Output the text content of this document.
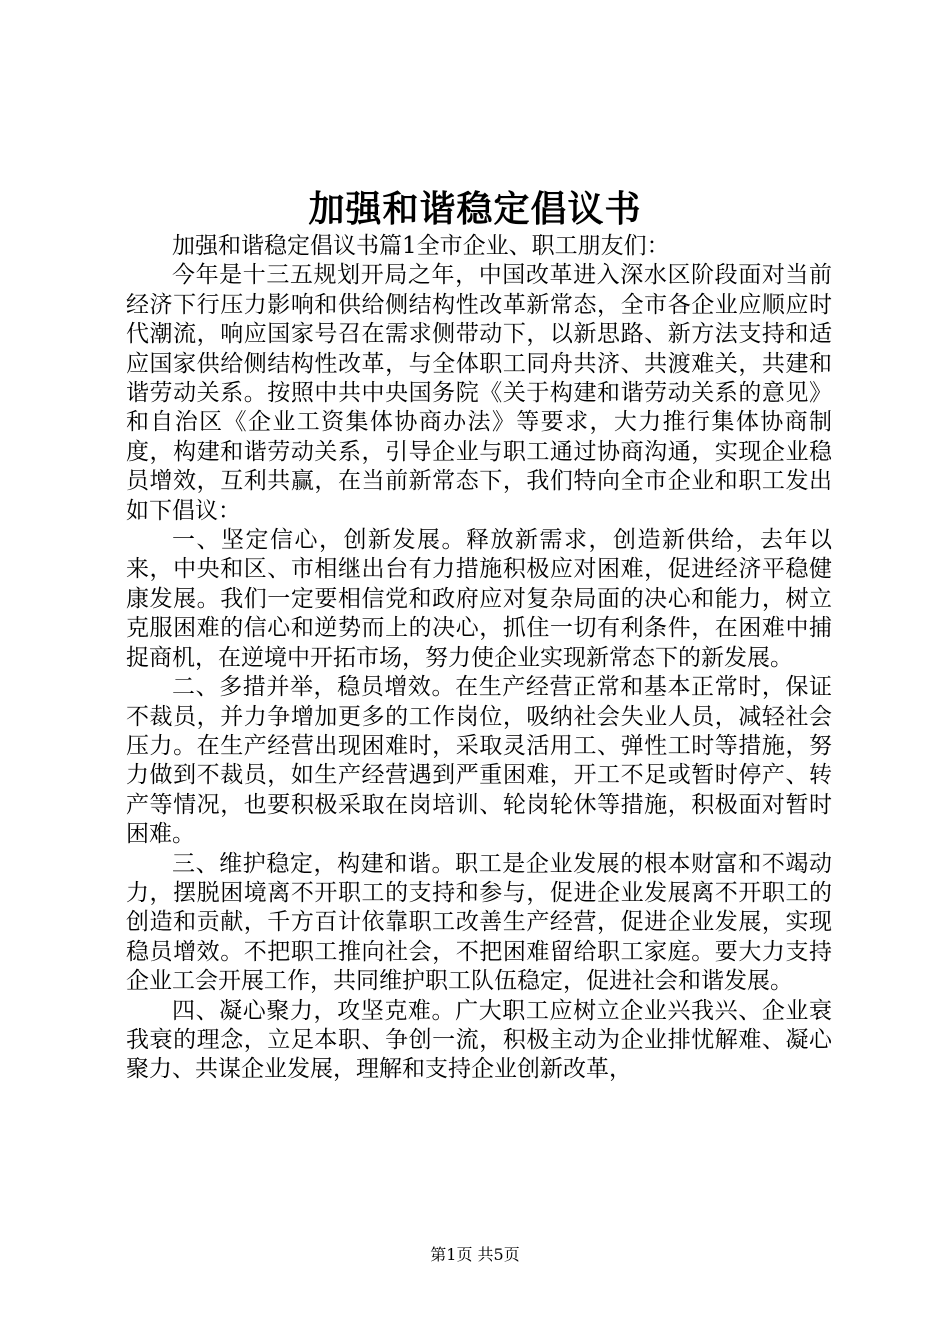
加强和谐稳定倡议书

加强和谐稳定倡议书篇1全市企业、职工朋友们：

今年是十三五规划开局之年，中国改革进入深水区阶段面对当前经济下行压力影响和供给侧结构性改革新常态，全市各企业应顺应时代潮流，响应国家号召在需求侧带动下，以新思路、新方法支持和适应国家供给侧结构性改革，与全体职工同舟共济、共渡难关，共建和谐劳动关系。按照中共中央国务院《关于构建和谐劳动关系的意见》和自治区《企业工资集体协商办法》等要求，大力推行集体协商制度，构建和谐劳动关系，引导企业与职工通过协商沟通，实现企业稳员增效，互利共赢，在当前新常态下，我们特向全市企业和职工发出如下倡议：

一、坚定信心，创新发展。释放新需求，创造新供给，去年以来，中央和区、市相继出台有力措施积极应对困难，促进经济平稳健康发展。我们一定要相信党和政府应对复杂局面的决心和能力，树立克服困难的信心和逆势而上的决心，抓住一切有利条件，在困难中捕捉商机，在逆境中开拓市场，努力使企业实现新常态下的新发展。

二、多措并举，稳员增效。在生产经营正常和基本正常时，保证不裁员，并力争增加更多的工作岗位，吸纳社会失业人员，减轻社会压力。在生产经营出现困难时，采取灵活用工、弹性工时等措施，努力做到不裁员，如生产经营遇到严重困难，开工不足或暂时停产、转产等情况，也要积极采取在岗培训、轮岗轮休等措施，积极面对暂时困难。

三、维护稳定，构建和谐。职工是企业发展的根本财富和不竭动力，摆脱困境离不开职工的支持和参与，促进企业发展离不开职工的创造和贡献，千方百计依靠职工改善生产经营，促进企业发展，实现稳员增效。不把职工推向社会，不把困难留给职工家庭。要大力支持企业工会开展工作，共同维护职工队伍稳定，促进社会和谐发展。

四、凝心聚力，攻坚克难。广大职工应树立企业兴我兴、企业衰我衰的理念，立足本职、争创一流，积极主动为企业排忧解难、凝心聚力、共谋企业发展，理解和支持企业创新改革，

第1页 共5页
